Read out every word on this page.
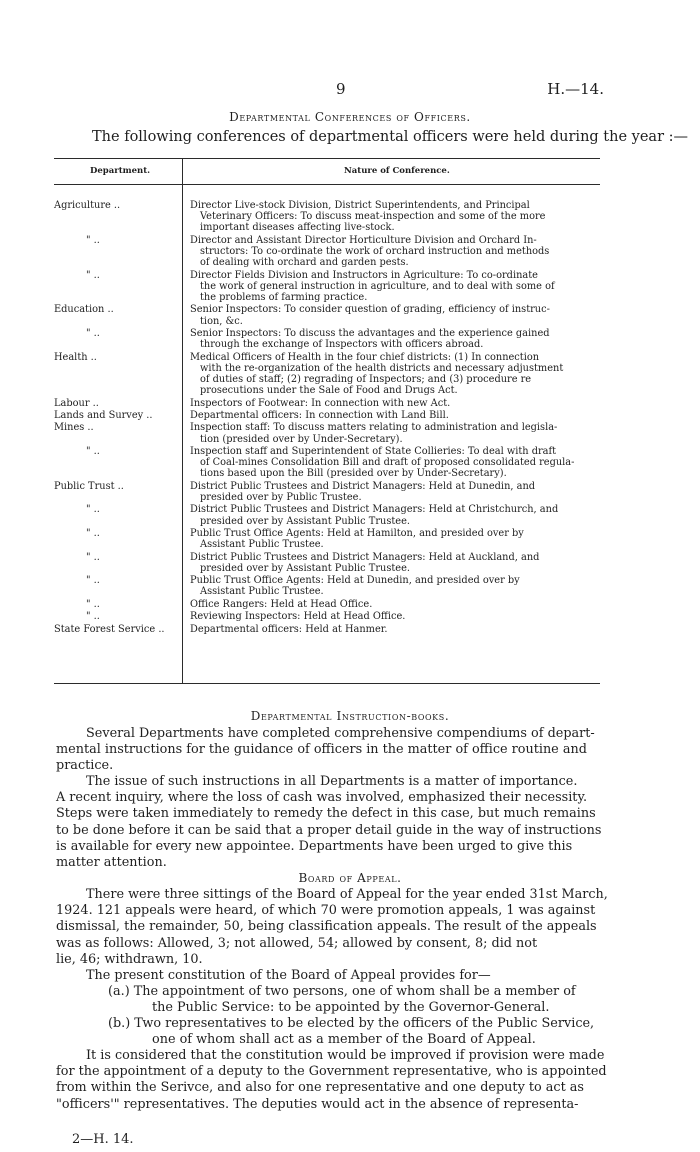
9	H.—14.
Departmental Conferences of Officers.
The following conferences of departmental officers were held during the year :—
Department.	Nature of Conference.
Agriculture ..	Director Live-stock Division, District Superintendents, and Principal
Veterinary Officers: To discuss meat-inspection and some of the more
important diseases affecting live-stock.
" ..	Director and Assistant Director Horticulture Division and Orchard In-
structors: To co-ordinate the work of orchard instruction and methods
of dealing with orchard and garden pests.
" ..	Director Fields Division and Instructors in Agriculture: To co-ordinate
the work of general instruction in agriculture, and to deal with some of
the problems of farming practice.
Education ..	Senior Inspectors: To consider question of grading, efficiency of instruc-
tion, &c.
" ..	Senior Inspectors: To discuss the advantages and the experience gained
through the exchange of Inspectors with officers abroad.
Health ..	Medical Officers of Health in the four chief districts: (1) In connection
with the re-organization of the health districts and necessary adjustment
of duties of staff; (2) regrading of Inspectors; and (3) procedure re
prosecutions under the Sale of Food and Drugs Act.
Labour ..	Inspectors of Footwear: In connection with new Act.
Lands and Survey ..	Departmental officers: In connection with Land Bill.
Mines ..	Inspection staff: To discuss matters relating to administration and legisla-
tion (presided over by Under-Secretary).
" ..	Inspection staff and Superintendent of State Collieries: To deal with draft
of Coal-mines Consolidation Bill and draft of proposed consolidated regula-
tions based upon the Bill (presided over by Under-Secretary).
Public Trust ..	District Public Trustees and District Managers: Held at Dunedin, and
presided over by Public Trustee.
" ..	District Public Trustees and District Managers: Held at Christchurch, and
presided over by Assistant Public Trustee.
" ..	Public Trust Office Agents: Held at Hamilton, and presided over by
Assistant Public Trustee.
" ..	District Public Trustees and District Managers: Held at Auckland, and
presided over by Assistant Public Trustee.
" ..	Public Trust Office Agents: Held at Dunedin, and presided over by
Assistant Public Trustee.
" ..	Office Rangers: Held at Head Office.
" ..	Reviewing Inspectors: Held at Head Office.
State Forest Service ..	Departmental officers: Held at Hanmer.
Departmental Instruction-books.
Several Departments have completed comprehensive compendiums of depart-
mental instructions for the guidance of officers in the matter of office routine and
practice.
The issue of such instructions in all Departments is a matter of importance.
A recent inquiry, where the loss of cash was involved, emphasized their necessity.
Steps were taken immediately to remedy the defect in this case, but much remains
to be done before it can be said that a proper detail guide in the way of instructions
is available for every new appointee. Departments have been urged to give this
matter attention.
Board of Appeal.
There were three sittings of the Board of Appeal for the year ended 31st March,
1924. 121 appeals were heard, of which 70 were promotion appeals, 1 was against
dismissal, the remainder, 50, being classification appeals. The result of the appeals
was as follows: Allowed, 3; not allowed, 54; allowed by consent, 8; did not
lie, 46; withdrawn, 10.
The present constitution of the Board of Appeal provides for—
(a.) The appointment of two persons, one of whom shall be a member of
the Public Service: to be appointed by the Governor-General.
(b.) Two representatives to be elected by the officers of the Public Service,
one of whom shall act as a member of the Board of Appeal.
It is considered that the constitution would be improved if provision were made
for the appointment of a deputy to the Government representative, who is appointed
from within the Serivce, and also for one representative and one deputy to act as
"officers'" representatives. The deputies would act in the absence of representa-
2—H. 14.
